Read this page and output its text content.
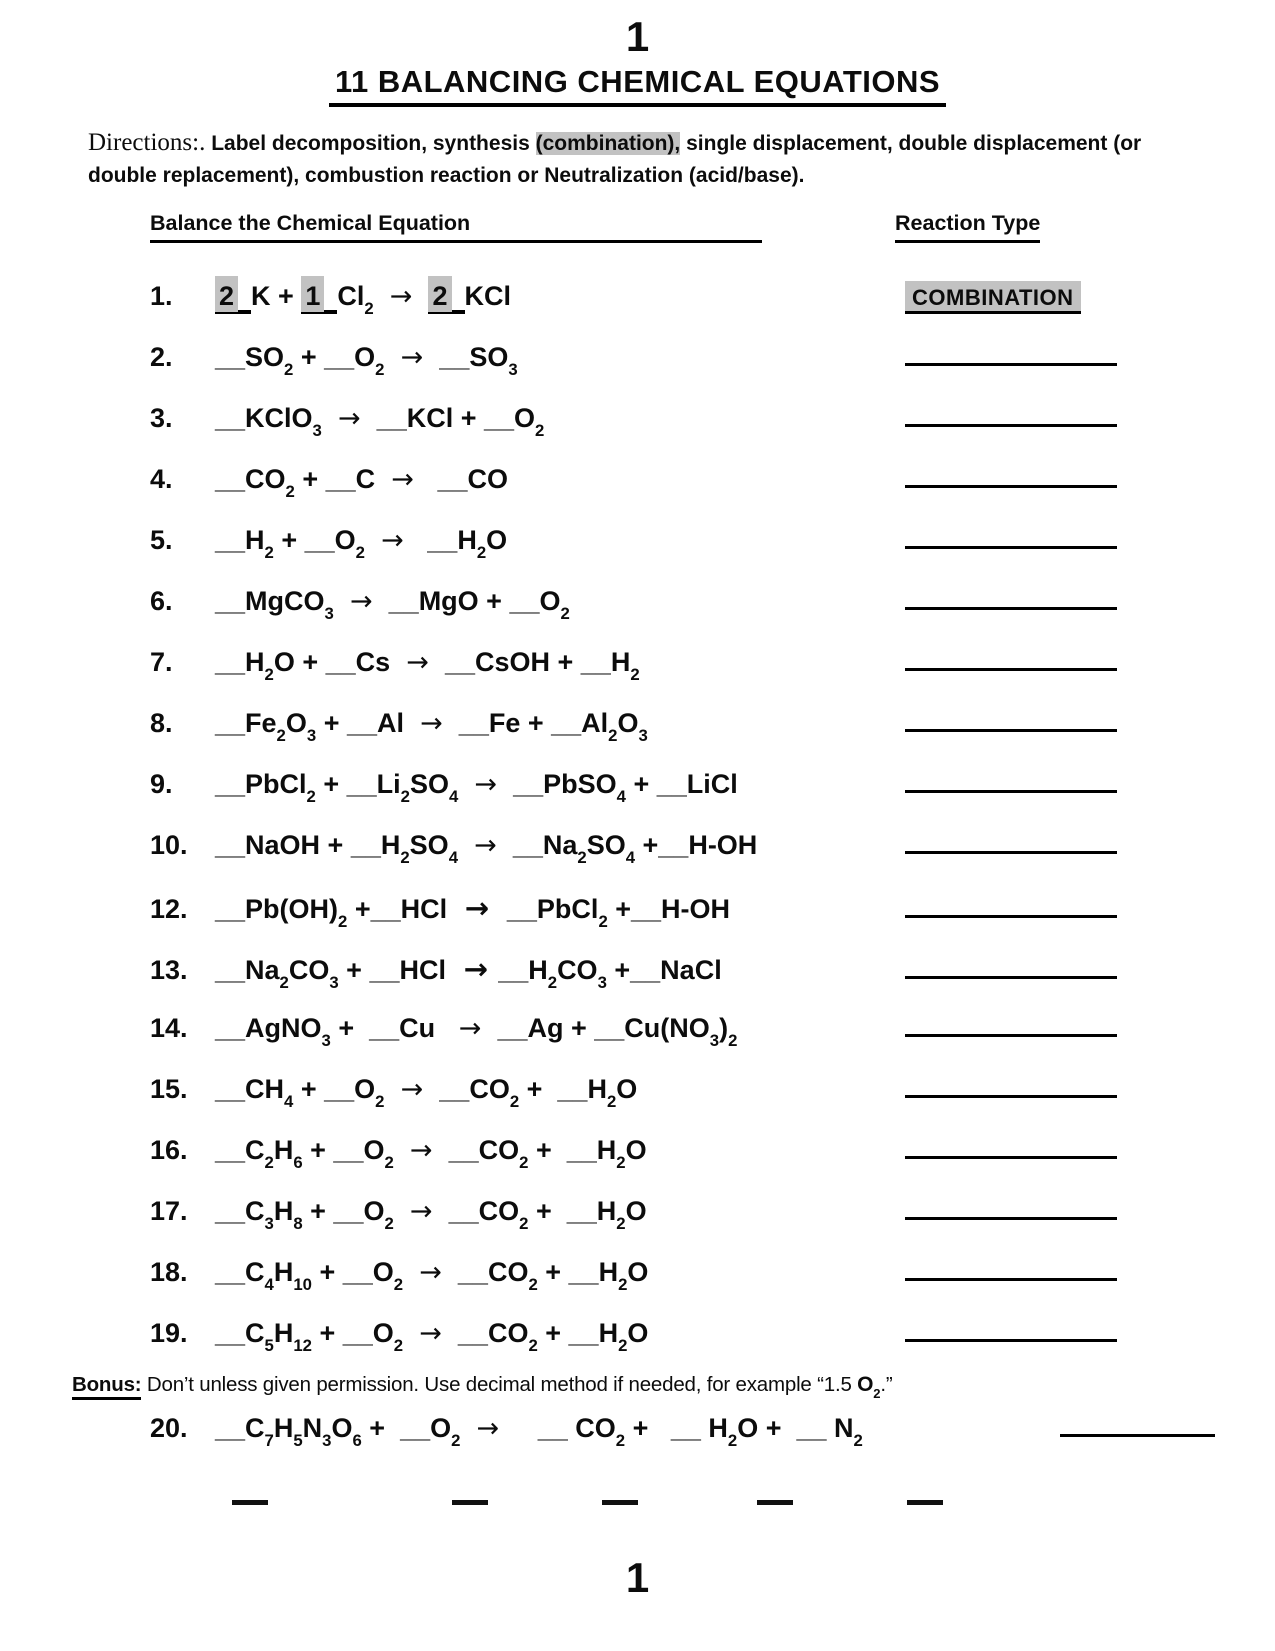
1
11 BALANCING CHEMICAL EQUATIONS
Directions:. Label decomposition, synthesis (combination), single displacement, double displacement (or
double replacement), combustion reaction or Neutralization (acid/base).
Balance the Chemical Equation	Reaction Type
1.	2 K + 1 $Cl_2 \to 2$ KCl	COMBINATION
2.	$\_\_SO_2$ + $\_\_O_2$  →  $\_\_SO_3$
3.	__KClO$_3$  →  __KCl + $\_\_O_2$
4.	$\_\_CO_2$ + __C  →   __CO
5.	$\_\_H_2$ + $\_\_O_2$  →   $\_\_H_2O$
6.	__MgCO$_3$  →  __MgO + $\_\_O_2$
7.	$\_\_H_2O$ + __Cs  →  __CsOH + $\_\_H_2$
8.	$\_\_Fe_2O_3$ + __Al  →  __Fe + $\_\_Al_2O_3$
9.	__PbCl$_2$ + $\_\_Li_2SO_4$  →  __PbSO$_4$ + __LiCl
10.	__NaOH + $\_\_H_2SO_4$  →  $\_\_Na_2SO_4$ +__H-OH
12.	$\_\_Pb(OH)_2$ +__HCl  →  __PbCl$_2$ +__H-OH
13.	$\_\_Na_2CO_3$ + __HCl  → $\_\_H_2CO_3$ +__NaCl
14.	__AgNO$_3$ +  __Cu   →  __Ag + $\_\_Cu(NO_3)_2$
15.	$\_\_CH_4$ + $\_\_O_2$  →  $\_\_CO_2$ +  $\_\_H_2O$
16.	$\_\_C_2H_6$ + $\_\_O_2$  →  $\_\_CO_2$ +  $\_\_H_2O$
17.	$\_\_C_3H_8$ + $\_\_O_2$  →  $\_\_CO_2$ +  $\_\_H_2O$
18.	$\_\_C_4H_{10}$ + $\_\_O_2$  →  $\_\_CO_2$ + $\_\_H_2O$
19.	$\_\_C_5H_{12}$ + $\_\_O_2$  →  $\_\_CO_2$ + $\_\_H_2O$
Bonus: Don’t unless given permission. Use decimal method if needed, for example “1.5 $O_2$.”
20.	$\_\_C_7H_5N_3O_6$ +  $\_\_O_2$  →     __ $CO_2$ +   __ $H_2O$ +  __ $N_2$
1
